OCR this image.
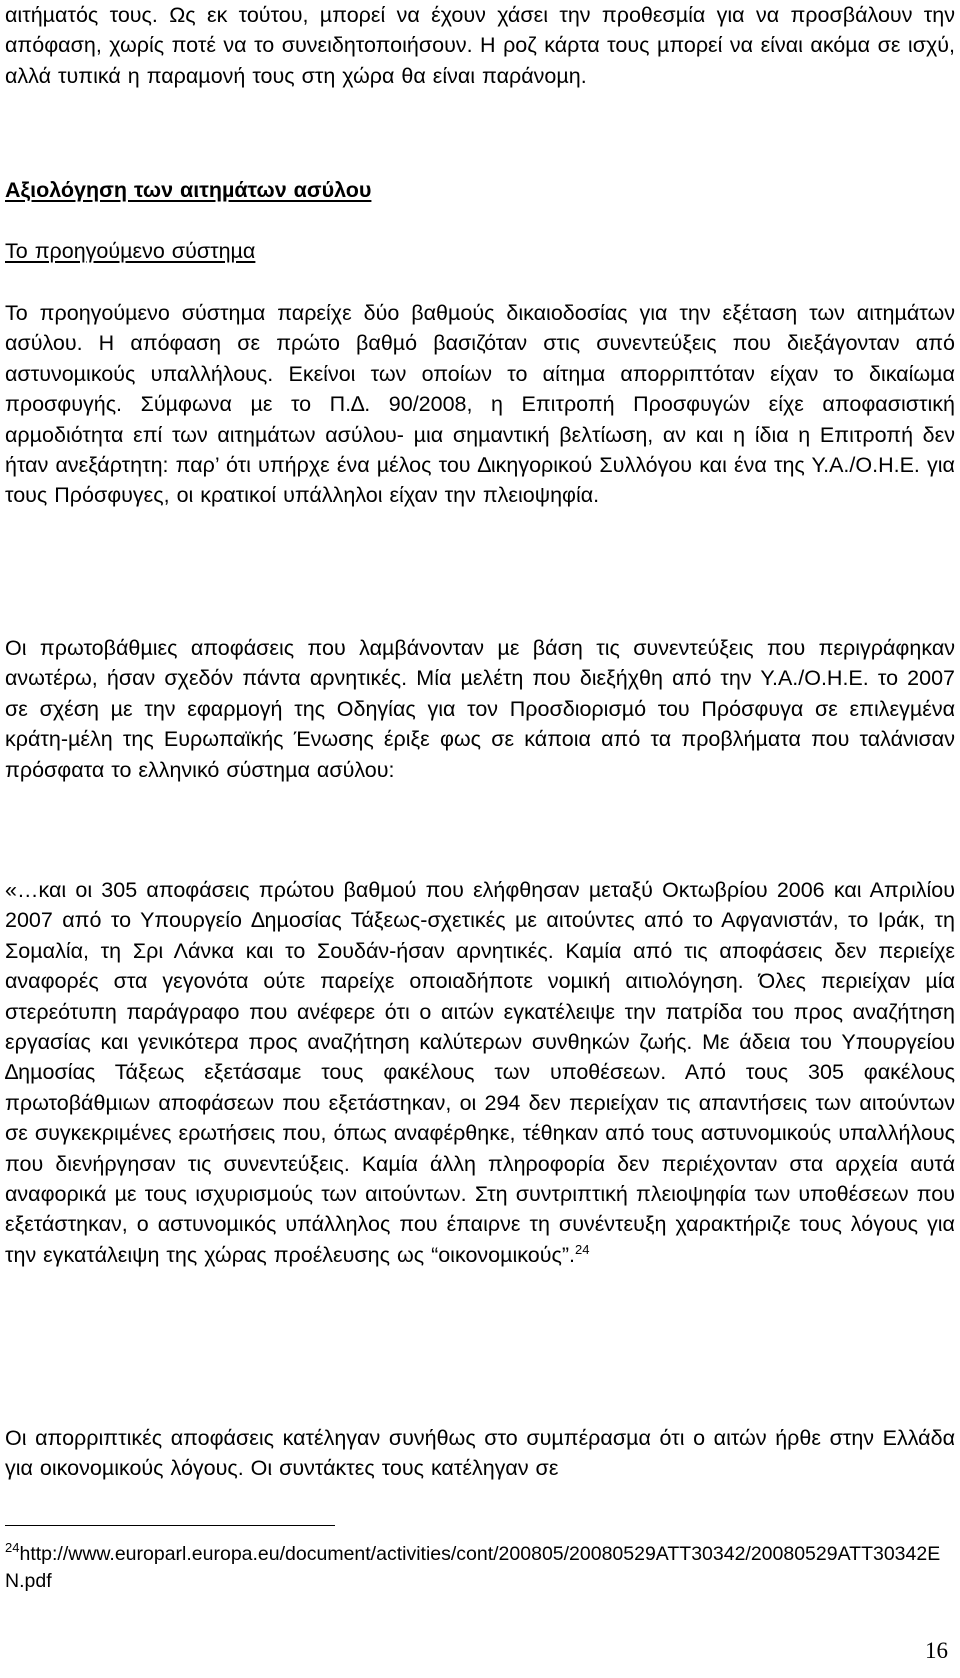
αιτήµατός τους. Ως εκ τούτου, µπορεί να έχουν χάσει την προθεσµία για να προσβάλουν την απόφαση, χωρίς ποτέ να το συνειδητοποιήσουν. Η ροζ κάρτα τους µπορεί να είναι ακόµα σε ισχύ, αλλά τυπικά η παραµονή τους στη χώρα θα είναι παράνοµη.

Αξιολόγηση των αιτηµάτων ασύλου

Το προηγούµενο σύστηµα

Το προηγούµενο σύστηµα παρείχε δύο βαθµούς δικαιοδοσίας για την εξέταση των αιτηµάτων ασύλου. Η απόφαση σε πρώτο βαθµό βασιζόταν στις συνεντεύξεις που διεξάγονταν από αστυνοµικούς υπαλλήλους. Εκείνοι των οποίων το αίτηµα απορριπτόταν είχαν το δικαίωµα προσφυγής. Σύµφωνα µε το Π.∆. 90/2008, η Επιτροπή Προσφυγών είχε αποφασιστική αρµοδιότητα επί των αιτηµάτων ασύλου- µια σηµαντική βελτίωση, αν και η ίδια η Επιτροπή δεν ήταν ανεξάρτητη: παρ’ ότι υπήρχε ένα µέλος του ∆ικηγορικού Συλλόγου και ένα της Υ.Α./Ο.Η.Ε. για τους Πρόσφυγες, οι κρατικοί υπάλληλοι είχαν την πλειοψηφία.

Οι πρωτοβάθµιες αποφάσεις που λαµβάνονταν µε βάση τις συνεντεύξεις που περιγράφηκαν ανωτέρω, ήσαν σχεδόν πάντα αρνητικές. Μία µελέτη που διεξήχθη από την Υ.Α./Ο.Η.Ε. το 2007 σε σχέση µε την εφαρµογή της Οδηγίας για τον Προσδιορισµό του Πρόσφυγα σε επιλεγµένα κράτη-µέλη της Ευρωπαϊκής Ένωσης έριξε φως σε κάποια από τα προβλήµατα που ταλάνισαν πρόσφατα το ελληνικό σύστηµα ασύλου:

«…και οι 305 αποφάσεις πρώτου βαθµού που ελήφθησαν µεταξύ Οκτωβρίου 2006 και Απριλίου 2007 από το Υπουργείο ∆ηµοσίας Τάξεως-σχετικές µε αιτούντες από το Αφγανιστάν, το Ιράκ, τη Σοµαλία, τη Σρι Λάνκα και το Σουδάν-ήσαν αρνητικές. Καµία από τις αποφάσεις δεν περιείχε αναφορές στα γεγονότα ούτε παρείχε οποιαδήποτε νοµική αιτιολόγηση. Όλες περιείχαν µία στερεότυπη παράγραφο που ανέφερε ότι ο αιτών εγκατέλειψε την πατρίδα του προς αναζήτηση εργασίας και γενικότερα προς αναζήτηση καλύτερων συνθηκών ζωής. Με άδεια του Υπουργείου ∆ηµοσίας Τάξεως εξετάσαµε τους φακέλους των υποθέσεων. Από τους 305 φακέλους πρωτοβάθµιων αποφάσεων που εξετάστηκαν, οι 294 δεν περιείχαν τις απαντήσεις των αιτούντων σε συγκεκριµένες ερωτήσεις που, όπως αναφέρθηκε, τέθηκαν από τους αστυνοµικούς υπαλλήλους που διενήργησαν τις συνεντεύξεις. Καµία άλλη πληροφορία δεν περιέχονταν στα αρχεία αυτά αναφορικά µε τους ισχυρισµούς των αιτούντων. Στη συντριπτική πλειοψηφία των υποθέσεων που εξετάστηκαν, ο αστυνοµικός υπάλληλος που έπαιρνε τη συνέντευξη χαρακτήριζε τους λόγους για την εγκατάλειψη της χώρας προέλευσης ως “οικονοµικούς”.$^{24}$

Οι απορριπτικές αποφάσεις κατέληγαν συνήθως στο συµπέρασµα ότι ο αιτών ήρθε στην Ελλάδα για οικονοµικούς λόγους. Οι συντάκτες τους κατέληγαν σε

$^{24}$http://www.europarl.europa.eu/document/activities/cont/200805/20080529ATT30342/20080529ATT30342EN.pdf
16
